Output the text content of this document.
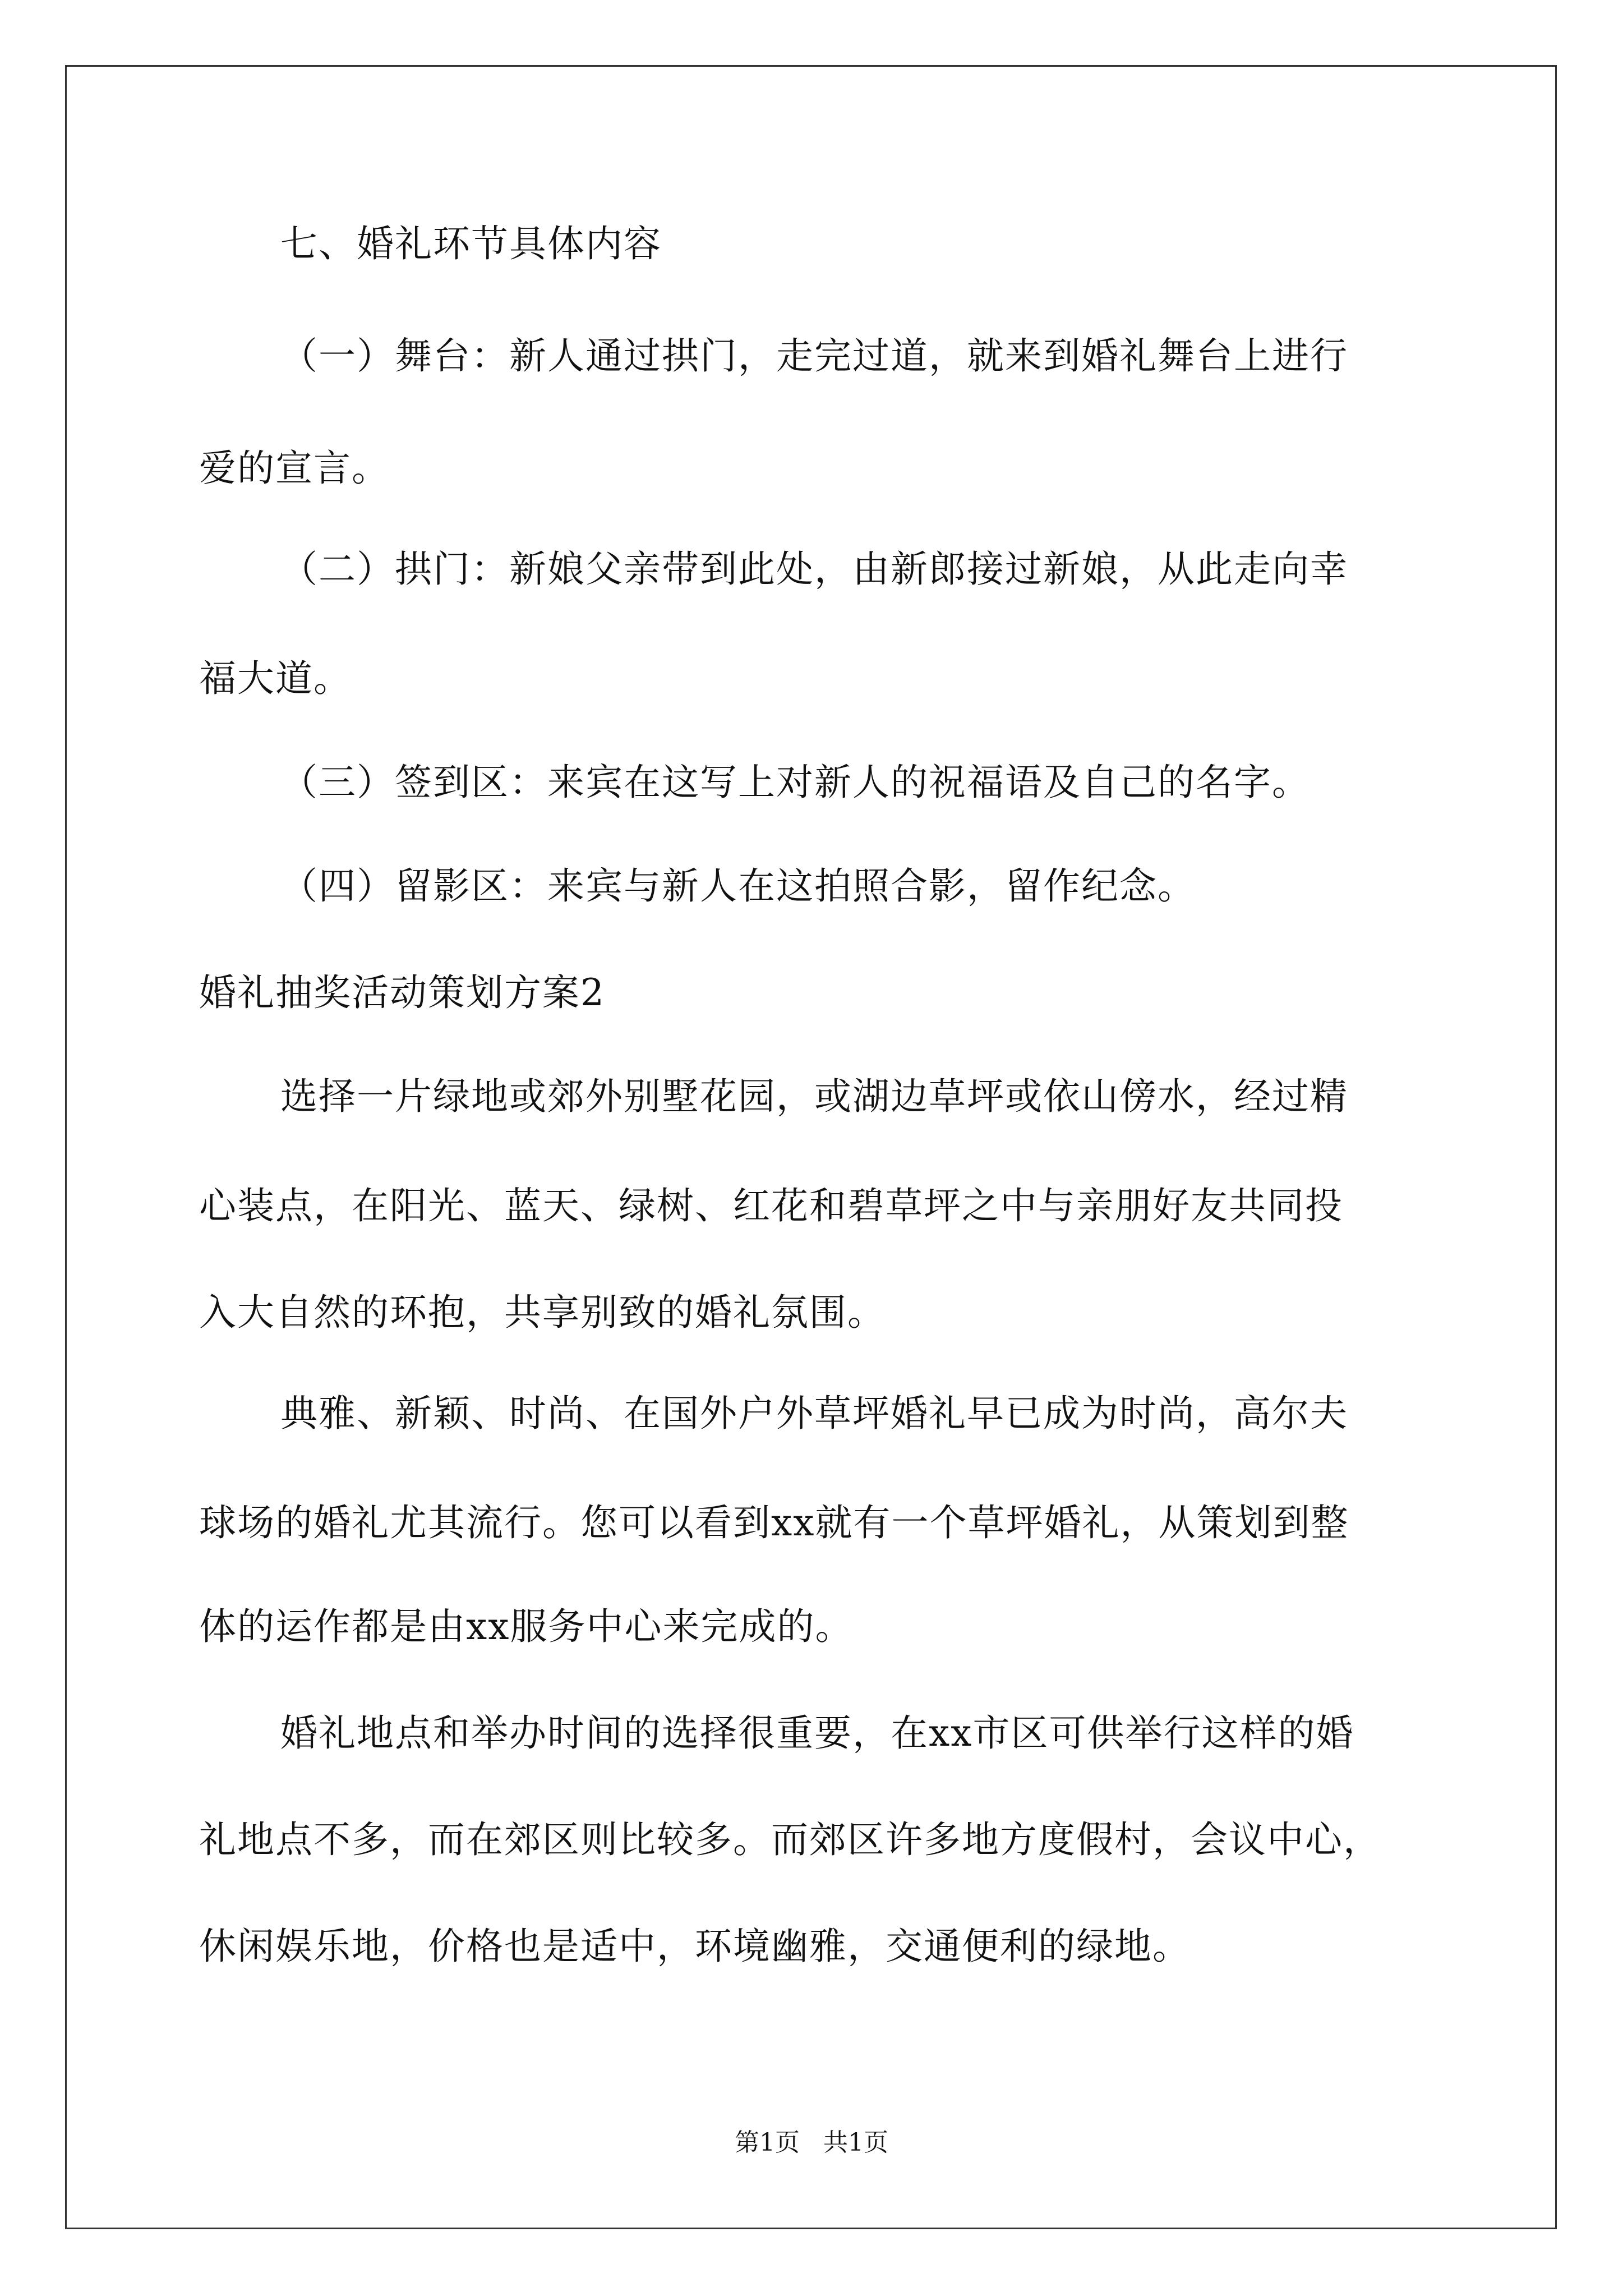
七、婚礼环节具体内容
（一）舞台：新人通过拱门，走完过道，就来到婚礼舞台上进行
爱的宣言。
（二）拱门：新娘父亲带到此处，由新郎接过新娘，从此走向幸
福大道。
（三）签到区：来宾在这写上对新人的祝福语及自己的名字。
（四）留影区：来宾与新人在这拍照合影，留作纪念。
婚礼抽奖活动策划方案2
选择一片绿地或郊外别墅花园，或湖边草坪或依山傍水，经过精
心装点，在阳光、蓝天、绿树、红花和碧草坪之中与亲朋好友共同投
入大自然的环抱，共享别致的婚礼氛围。
典雅、新颖、时尚、在国外户外草坪婚礼早已成为时尚，高尔夫
球场的婚礼尤其流行。您可以看到xx就有一个草坪婚礼，从策划到整
体的运作都是由xx服务中心来完成的。
婚礼地点和举办时间的选择很重要，在xx市区可供举行这样的婚
礼地点不多，而在郊区则比较多。而郊区许多地方度假村，会议中心，
休闲娱乐地，价格也是适中，环境幽雅，交通便利的绿地。
第1页 共1页
